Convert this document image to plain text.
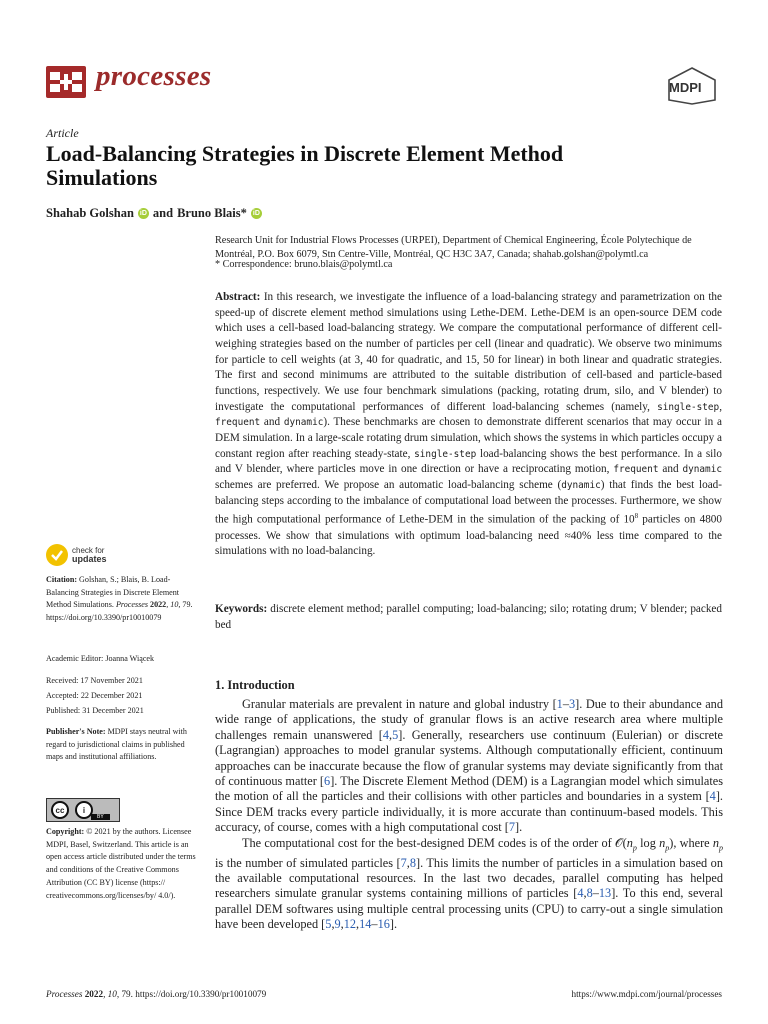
processes	MDPI
Article
Load-Balancing Strategies in Discrete Element Method Simulations
Shahab Golshan iD and Bruno Blais* iD
Research Unit for Industrial Flows Processes (URPEI), Department of Chemical Engineering, École Polytechique de Montréal, P.O. Box 6079, Stn Centre-Ville, Montréal, QC H3C 3A7, Canada; shahab.golshan@polymtl.ca
* Correspondence: bruno.blais@polymtl.ca
Abstract: In this research, we investigate the influence of a load-balancing strategy and parametrization on the speed-up of discrete element method simulations using Lethe-DEM. Lethe-DEM is an open-source DEM code which uses a cell-based load-balancing strategy. We compare the computational performance of different cell-weighing strategies based on the number of particles per cell (linear and quadratic). We observe two minimums for particle to cell weights (at 3, 40 for quadratic, and 15, 50 for linear) in both linear and quadratic strategies. The first and second minimums are attributed to the suitable distribution of cell-based and particle-based functions, respectively. We use four benchmark simulations (packing, rotating drum, silo, and V blender) to investigate the computational performances of different load-balancing schemes (namely, single-step, frequent and dynamic). These benchmarks are chosen to demonstrate different scenarios that may occur in a DEM simulation. In a large-scale rotating drum simulation, which shows the systems in which particles occupy a constant region after reaching steady-state, single-step load-balancing shows the best performance. In a silo and V blender, where particles move in one direction or have a reciprocating motion, frequent and dynamic schemes are preferred. We propose an automatic load-balancing scheme (dynamic) that finds the best load-balancing steps according to the imbalance of computational load between the processes. Furthermore, we show the high computational performance of Lethe-DEM in the simulation of the packing of $10^8$ particles on 4800 processes. We show that simulations with optimum load-balancing need ≈40% less time compared to the simulations with no load-balancing.
Keywords: discrete element method; parallel computing; load-balancing; silo; rotating drum; V blender; packed bed
check for
updates
Citation: Golshan, S.; Blais, B. Load-Balancing Strategies in Discrete Element Method Simulations. Processes 2022, 10, 79. https://doi.org/10.3390/pr10010079
Academic Editor: Joanna Wiącek
Received: 17 November 2021
Accepted: 22 December 2021
Published: 31 December 2021
Publisher's Note: MDPI stays neutral with regard to jurisdictional claims in published maps and institutional affiliations.
cc	i
BY
Copyright: © 2021 by the authors. Licensee MDPI, Basel, Switzerland. This article is an open access article distributed under the terms and conditions of the Creative Commons Attribution (CC BY) license (https:// creativecommons.org/licenses/by/ 4.0/).
1. Introduction

Granular materials are prevalent in nature and global industry [1–3]. Due to their abundance and wide range of applications, the study of granular flows is an active research area where multiple challenges remain unanswered [4,5]. Generally, researchers use continuum (Eulerian) or discrete (Lagrangian) approaches to model granular systems. Although computationally efficient, continuum approaches can be inaccurate because the flow of granular systems may deviate significantly from that of continuous matter [6]. The Discrete Element Method (DEM) is a Lagrangian model which simulates the motion of all the particles and their collisions with other particles and boundaries in a system [4]. Since DEM tracks every particle individually, it is more accurate than continuum-based models. This accuracy, of course, comes with a high computational cost [7].

The computational cost for the best-designed DEM codes is of the order of $𝒪(n_p$ $\log n_p$), where $n_p$ is the number of simulated particles [7,8]. This limits the number of particles in a simulation based on the available computational resources. In the last two decades, parallel computing has helped researchers simulate granular systems containing millions of particles [4,8–13]. To this end, several parallel DEM softwares using multiple central processing units (CPU) to carry-out a single simulation have been developed [5,9,12,14–16].

Processes 2022, 10, 79. https://doi.org/10.3390/pr10010079	https://www.mdpi.com/journal/processes
